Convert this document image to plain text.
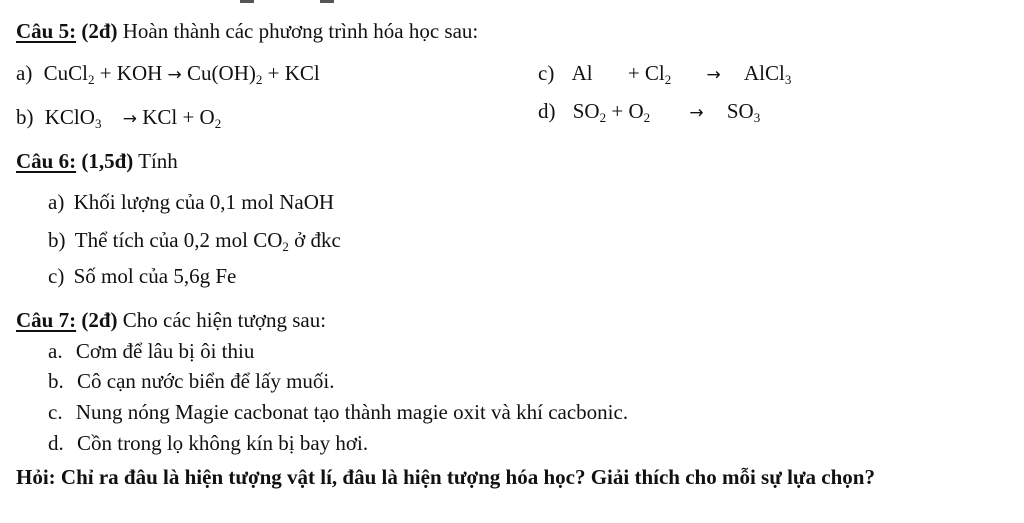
Câu 5: (2đ) Hoàn thành các phương trình hóa học sau:
a) CuCl$_2$ + KOH → $Cu(OH)_2$ + KCl
b) KClO$_3$ → KCl + $O_2$
c) $Al + Cl_2$ → AlCl$_3$
d) $SO_2 + O_2 \to SO_3$
Câu 6: (1,5đ) Tính
a) Khối lượng của 0,1 mol NaOH
b) Thể tích của 0,2 mol $CO_2$ ở đkc
c) Số mol của 5,6g Fe
Câu 7: (2đ) Cho các hiện tượng sau:
a. Cơm để lâu bị ôi thiu
b. Cô cạn nước biển để lấy muối.
c. Nung nóng Magie cacbonat tạo thành magie oxit và khí cacbonic.
d. Cồn trong lọ không kín bị bay hơi.
Hỏi: Chỉ ra đâu là hiện tượng vật lí, đâu là hiện tượng hóa học? Giải thích cho mỗi sự lựa chọn?
